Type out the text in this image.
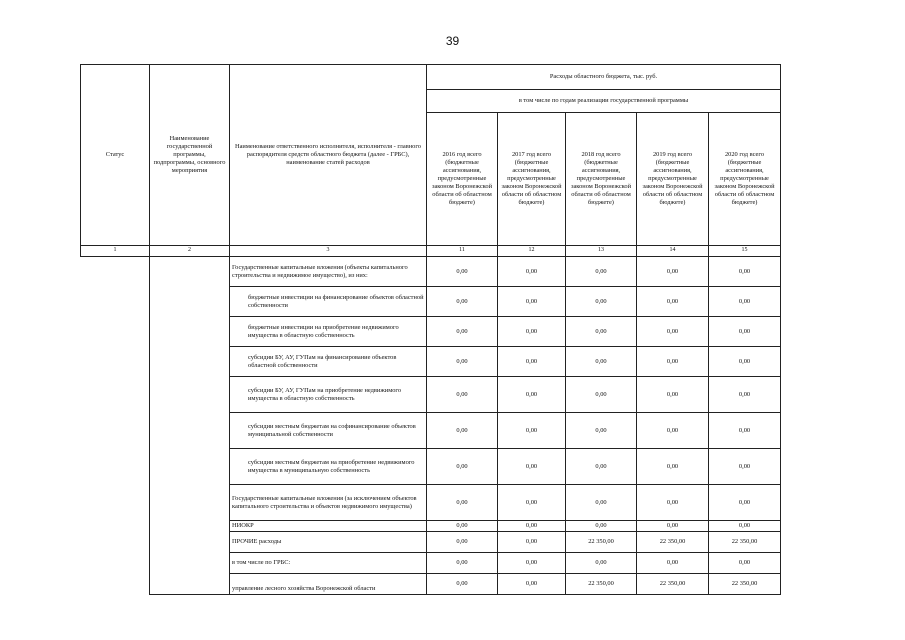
39
Статус	Наименование государственной программы, подпрограммы, основного мероприятия	Наименование ответственного исполнителя, исполнителя - главного распорядителя средств областного бюджета (далее - ГРБС), наименование статей расходов	Расходы областного бюджета, тыс. руб.				
			в том числе по годам реализации государственной программы				
			2016 год всего (бюджетные ассигнования, предусмотренные законом Воронежской области об областном бюджете)	2017 год всего (бюджетные ассигнования, предусмотренные законом Воронежской области об областном бюджете)	2018 год всего (бюджетные ассигнования, предусмотренные законом Воронежской области об областном бюджете)	2019 год всего (бюджетные ассигнования, предусмотренные законом Воронежской области об областном бюджете)	2020 год всего (бюджетные ассигнования, предусмотренные законом Воронежской области об областном бюджете)
1	2	3	11	12	13	14	15
		Государственные капитальные вложения (объекты капитального строительства и недвижимое имущество), из них:	0,00	0,00	0,00	0,00	0,00
		бюджетные инвестиции на финансирование объектов областной собственности	0,00	0,00	0,00	0,00	0,00
		бюджетные инвестиции на приобретение недвижимого имущества в областную собственность	0,00	0,00	0,00	0,00	0,00
		субсидии БУ, АУ, ГУПам на финансирование объектов областной собственности	0,00	0,00	0,00	0,00	0,00
		субсидии БУ, АУ, ГУПам на приобретение недвижимого имущества в областную собственность	0,00	0,00	0,00	0,00	0,00
		субсидии местным бюджетам на софинансирование объектов муниципальной собственности	0,00	0,00	0,00	0,00	0,00
		субсидии местным бюджетам на приобретение недвижимого имущества в муниципальную собственность	0,00	0,00	0,00	0,00	0,00
		Государственные капитальные вложения (за исключением объектов капитального строительства и объектов недвижимого имущества)	0,00	0,00	0,00	0,00	0,00
		НИОКР	0,00	0,00	0,00	0,00	0,00
		ПРОЧИЕ расходы	0,00	0,00	22 350,00	22 350,00	22 350,00
		в том числе по ГРБС:	0,00	0,00	0,00	0,00	0,00
		управление лесного хозяйства Воронежской области	0,00	0,00	22 350,00	22 350,00	22 350,00
